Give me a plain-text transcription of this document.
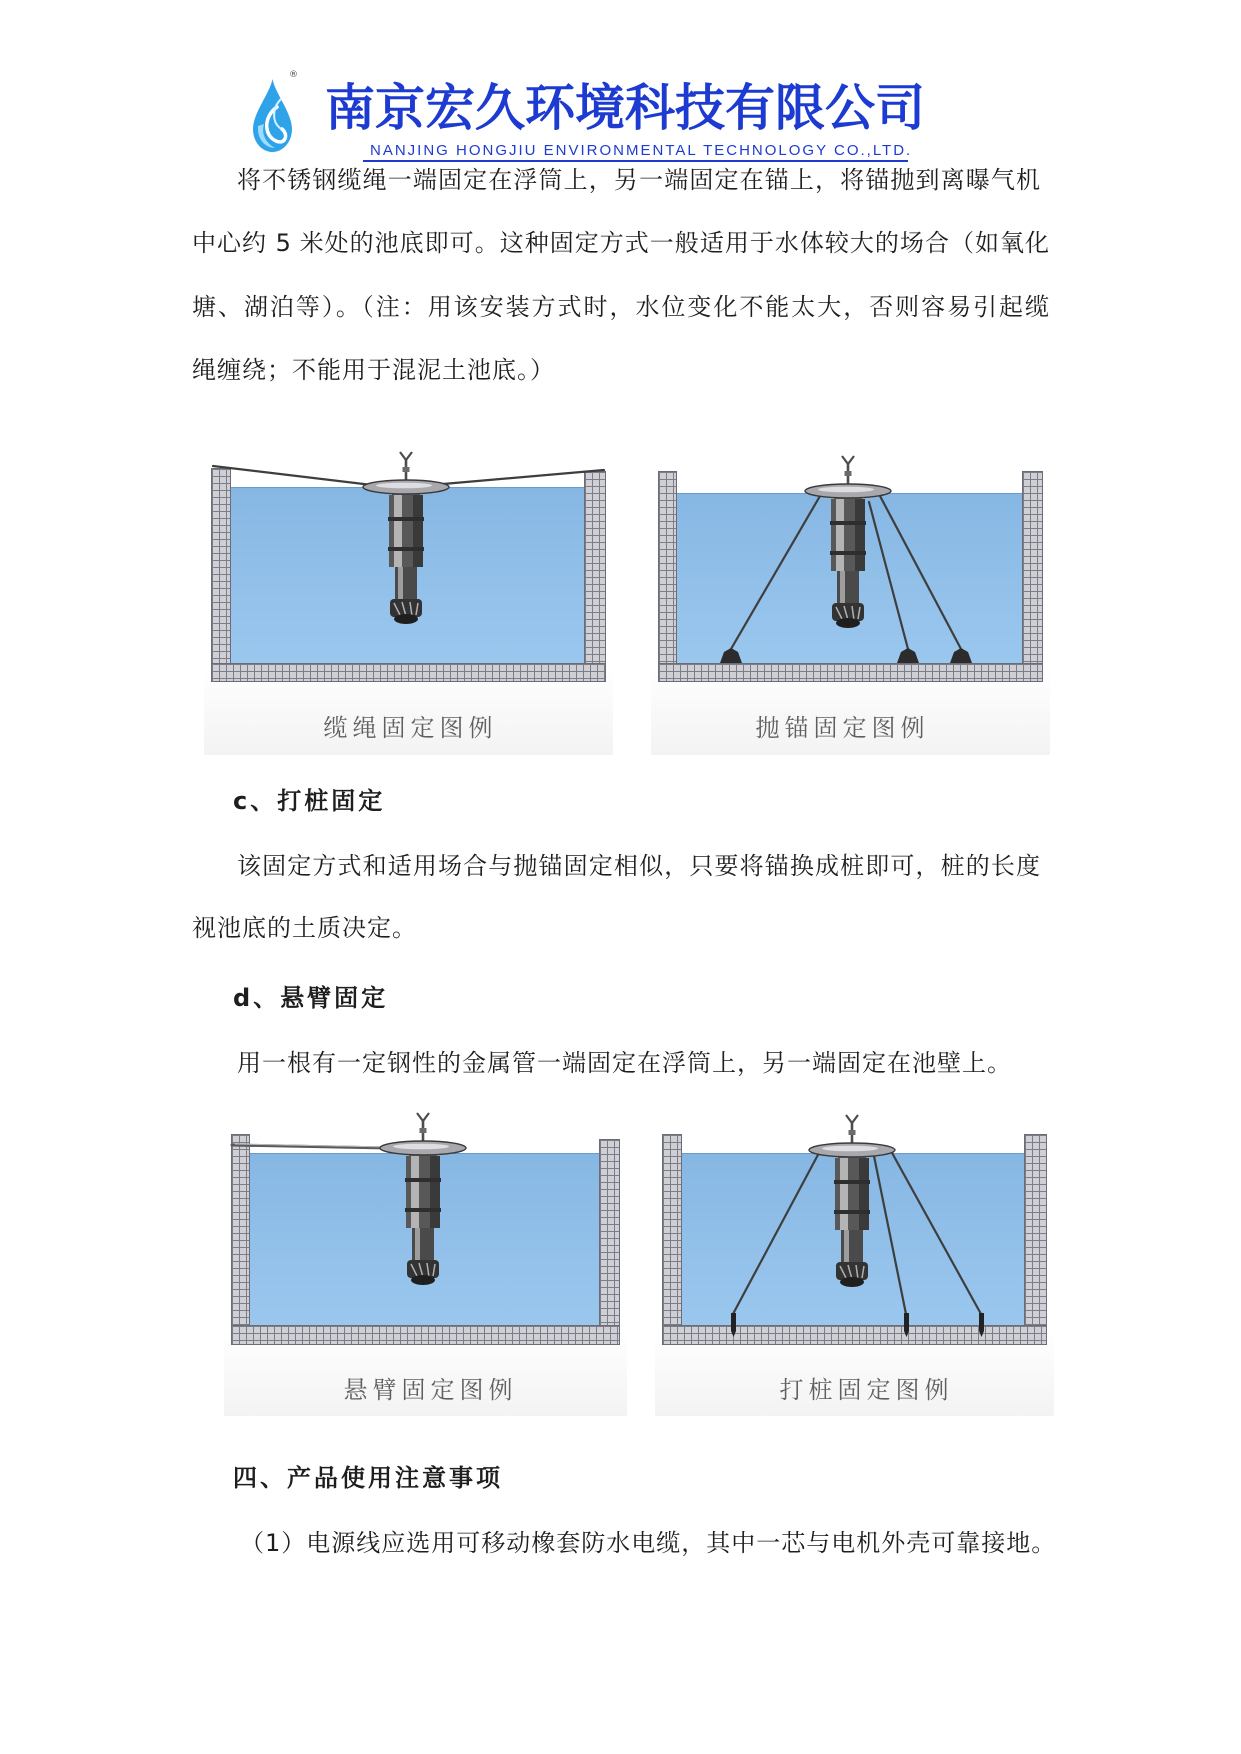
®
南京宏久环境科技有限公司
NANJING HONGJIU ENVIRONMENTAL TECHNOLOGY CO.,LTD.
将不锈钢缆绳一端固定在浮筒上，另一端固定在锚上，将锚抛到离曝气机
中心约 5 米处的池底即可。这种固定方式一般适用于水体较大的场合（如氧化
塘、湖泊等）。（注：用该安装方式时，水位变化不能太大，否则容易引起缆
绳缠绕；不能用于混泥土池底。）
缆绳固定图例	抛锚固定图例
c、打桩固定
该固定方式和适用场合与抛锚固定相似，只要将锚换成桩即可，桩的长度
视池底的土质决定。
d、悬臂固定
用一根有一定钢性的金属管一端固定在浮筒上，另一端固定在池壁上。
悬臂固定图例	打桩固定图例
四、产品使用注意事项
（1）电源线应选用可移动橡套防水电缆，其中一芯与电机外壳可靠接地。
